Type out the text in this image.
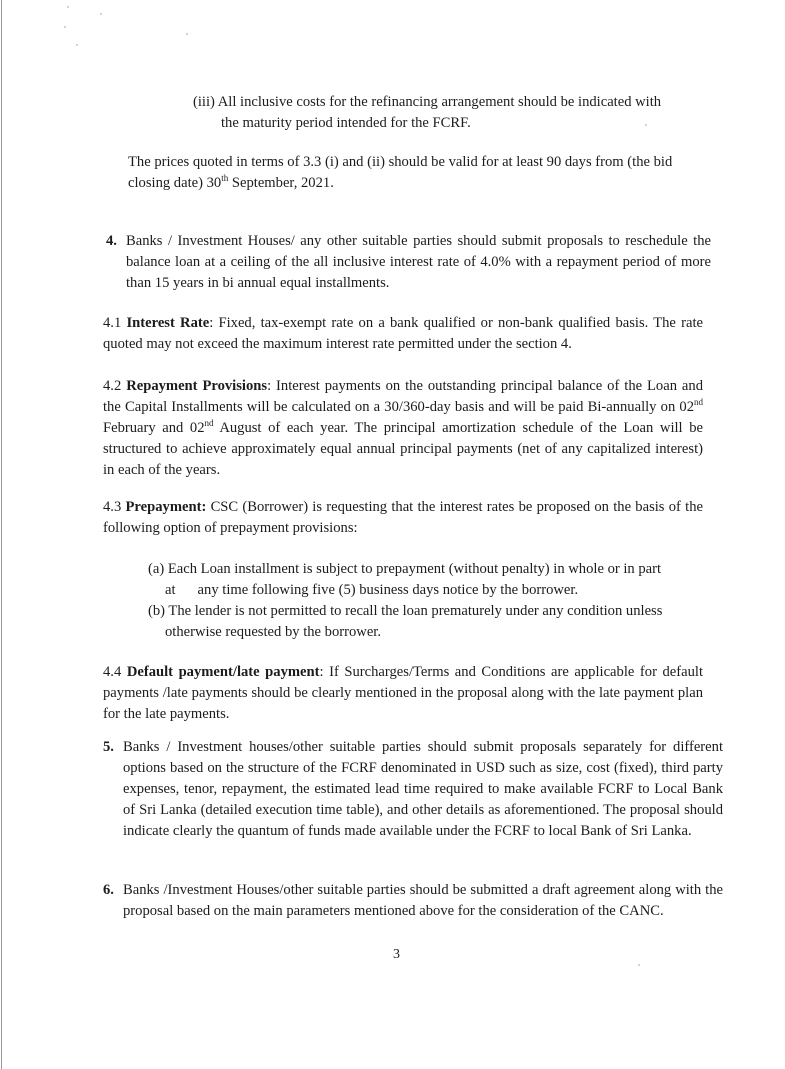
(iii) All inclusive costs for the refinancing arrangement should be indicated with

the maturity period intended for the FCRF.

The prices quoted in terms of 3.3 (i) and (ii) should be valid for at least 90 days from (the bid closing date) 30th September, 2021.

4. Banks / Investment Houses/ any other suitable parties should submit proposals to reschedule the balance loan at a ceiling of the all inclusive interest rate of 4.0% with a repayment period of more than 15 years in bi annual equal installments.

4.1 Interest Rate: Fixed, tax-exempt rate on a bank qualified or non-bank qualified basis. The rate quoted may not exceed the maximum interest rate permitted under the section 4.

4.2 Repayment Provisions: Interest payments on the outstanding principal balance of the Loan and the Capital Installments will be calculated on a 30/360-day basis and will be paid Bi-annually on 02nd February and 02nd August of each year. The principal amortization schedule of the Loan will be structured to achieve approximately equal annual principal payments (net of any capitalized interest) in each of the years.

4.3 Prepayment: CSC (Borrower) is requesting that the interest rates be proposed on the basis of the following option of prepayment provisions:

(a) Each Loan installment is subject to prepayment (without penalty) in whole or in part

at any time following five (5) business days notice by the borrower.

(b) The lender is not permitted to recall the loan prematurely under any condition unless

otherwise requested by the borrower.

4.4 Default payment/late payment: If Surcharges/Terms and Conditions are applicable for default payments /late payments should be clearly mentioned in the proposal along with the late payment plan for the late payments.

5. Banks / Investment houses/other suitable parties should submit proposals separately for different options based on the structure of the FCRF denominated in USD such as size, cost (fixed), third party expenses, tenor, repayment, the estimated lead time required to make available FCRF to Local Bank of Sri Lanka (detailed execution time table), and other details as aforementioned. The proposal should indicate clearly the quantum of funds made available under the FCRF to local Bank of Sri Lanka.

6. Banks /Investment Houses/other suitable parties should be submitted a draft agreement along with the proposal based on the main parameters mentioned above for the consideration of the CANC.

3
